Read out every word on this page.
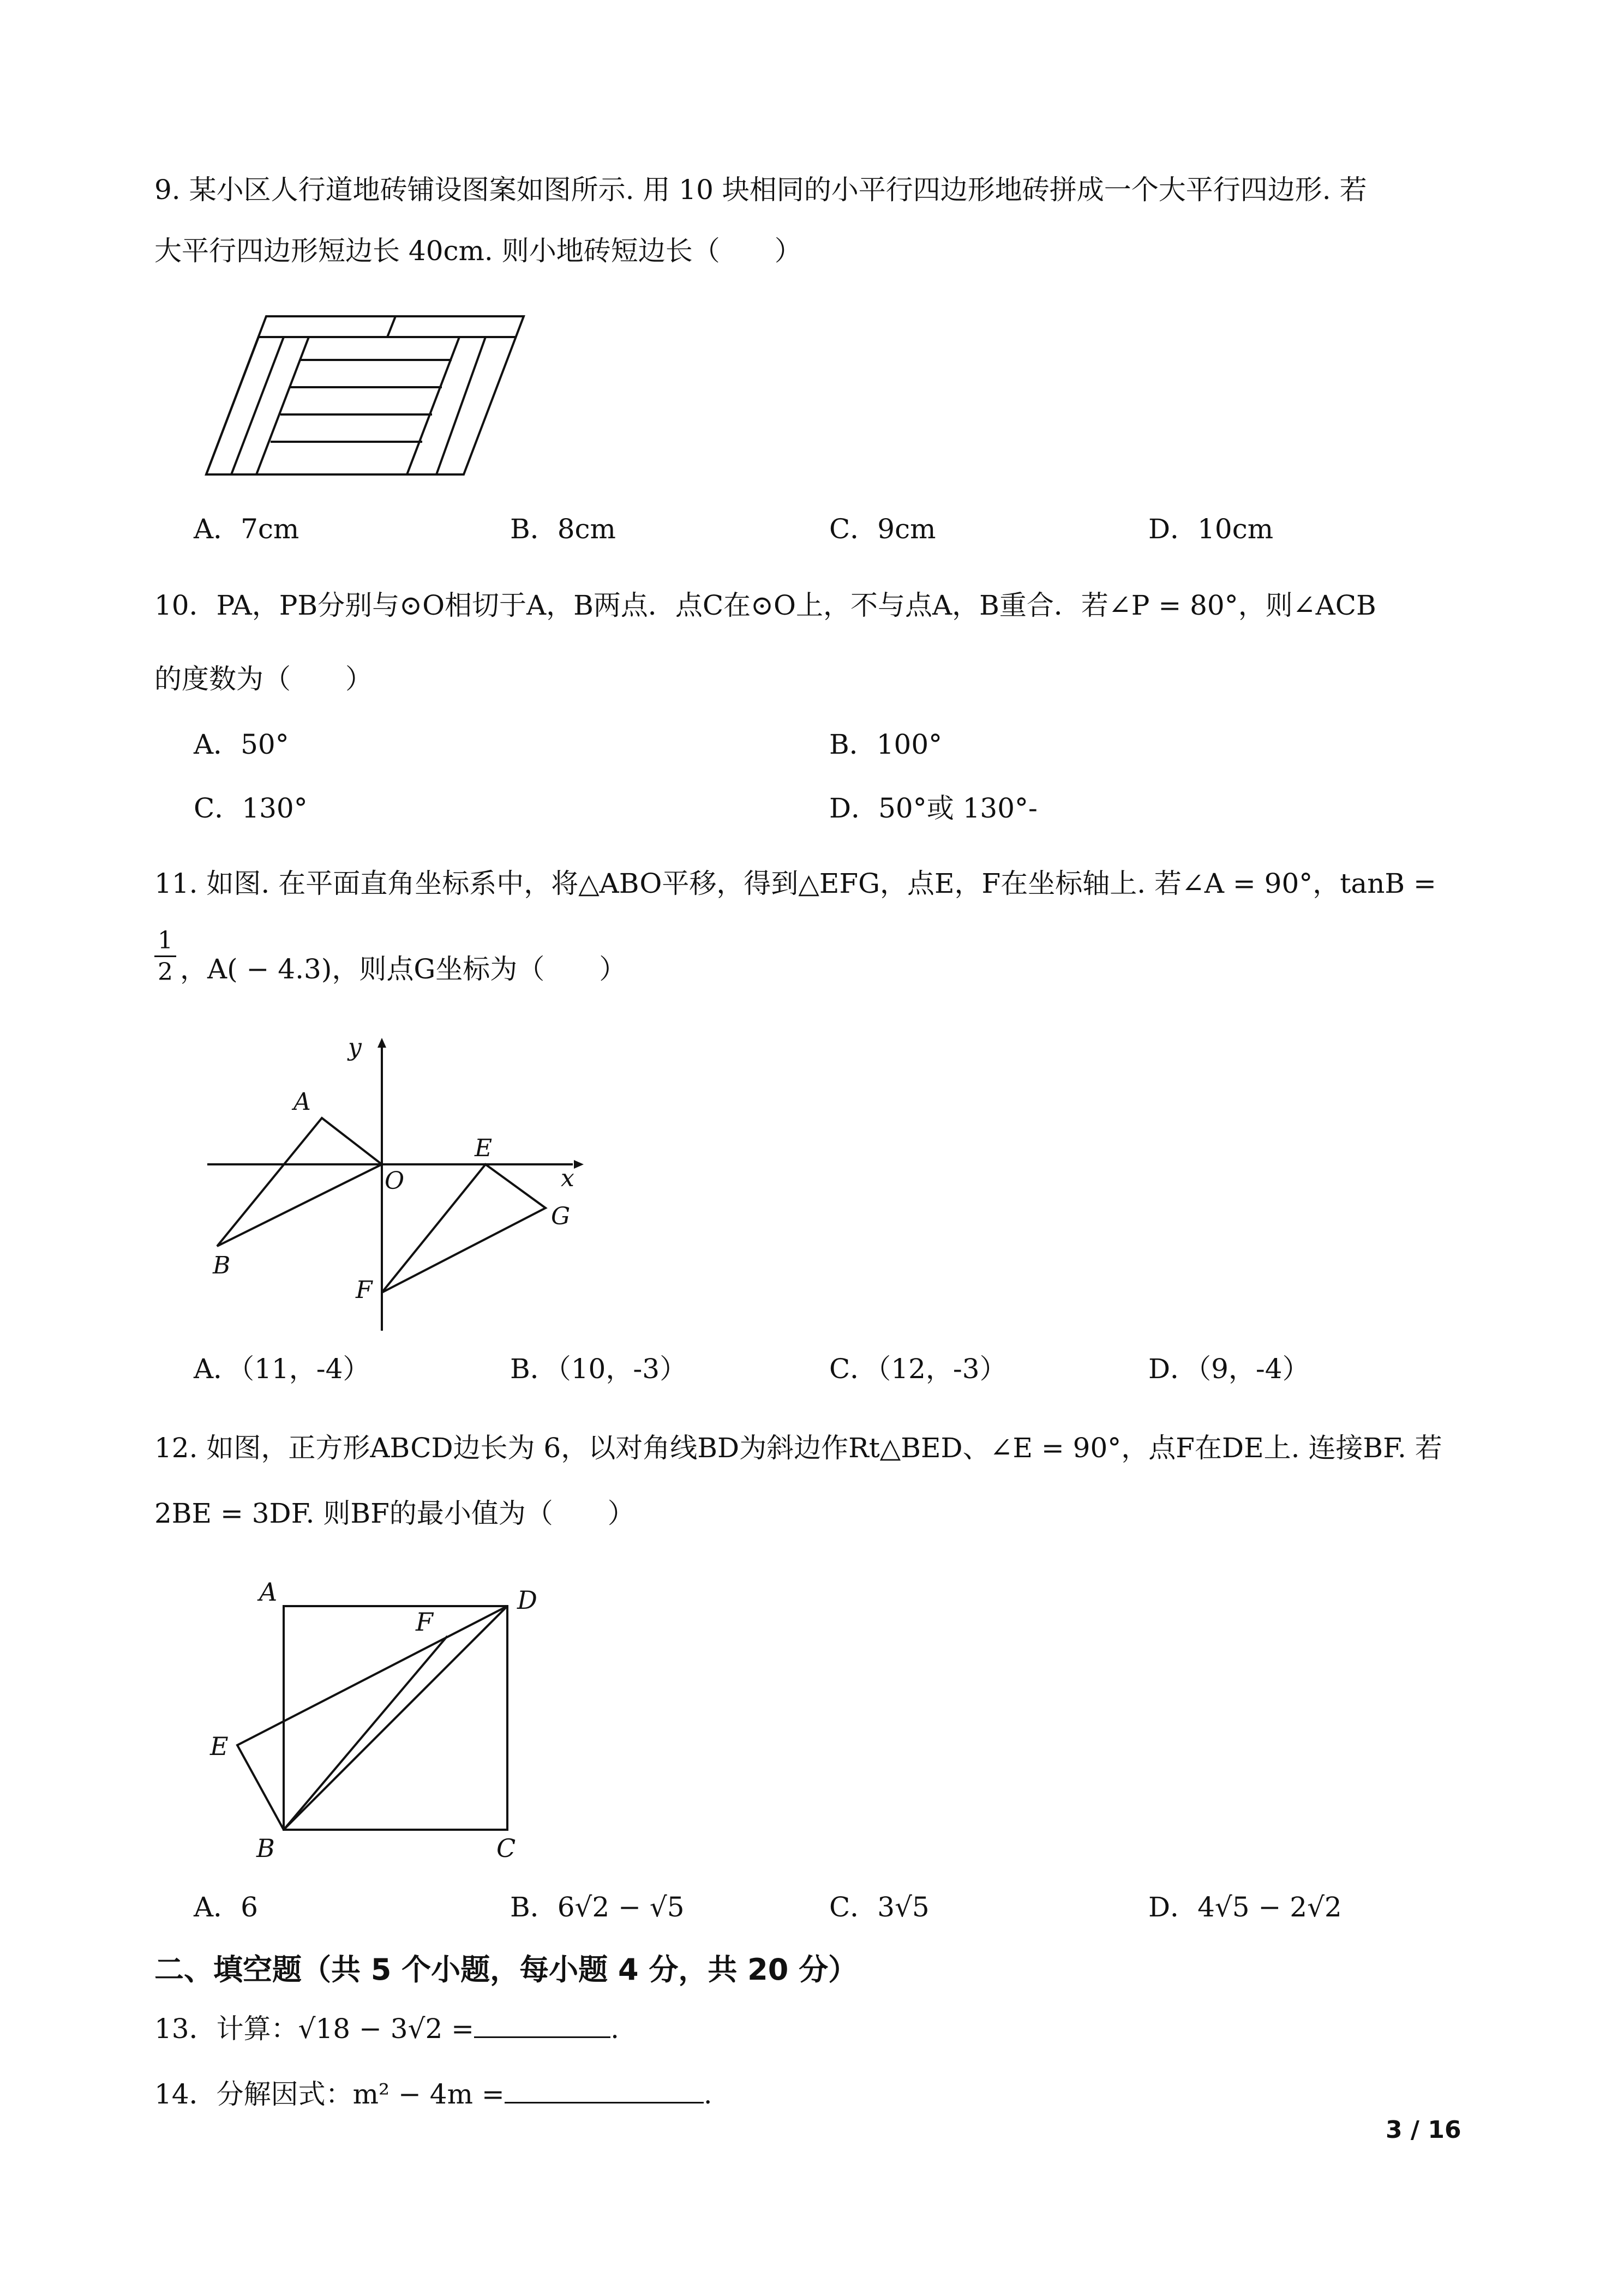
9. 某小区人行道地砖铺设图案如图所示. 用 10 块相同的小平行四边形地砖拼成一个大平行四边形. 若
大平行四边形短边长 40cm. 则小地砖短边长（　　）
A．7cm	B．8cm	C．9cm	D．10cm
10．PA，PB分别与⊙O相切于A，B两点．点C在⊙O上，不与点A，B重合．若∠P = 80°，则∠ACB
的度数为（　　）
A．50°	B．100°
C．130°	D．50°或 130°-
11. 如图. 在平面直角坐标系中，将△ABO平移，得到△EFG，点E，F在坐标轴上. 若∠A = 90°，tanB =
1
2 ，A( − 4.3)，则点G坐标为（　　）
y
A
O
E
x
G
B
F
A．（11，-4）	B．（10，-3）	C．（12，-3）	D．（9，-4）
12. 如图，正方形ABCD边长为 6，以对角线BD为斜边作Rt△BED、∠E = 90°，点F在DE上. 连接BF. 若
2BE = 3DF. 则BF的最小值为（　　）
A	D
F
E
B	C
A．6	B．6√2 − √5	C．3√5	D．4√5 − 2√2
二、填空题（共 5 个小题，每小题 4 分，共 20 分）
13．计算：√18 − 3√2 =	.
14．分解因式：m² − 4m =	.
3 / 16
